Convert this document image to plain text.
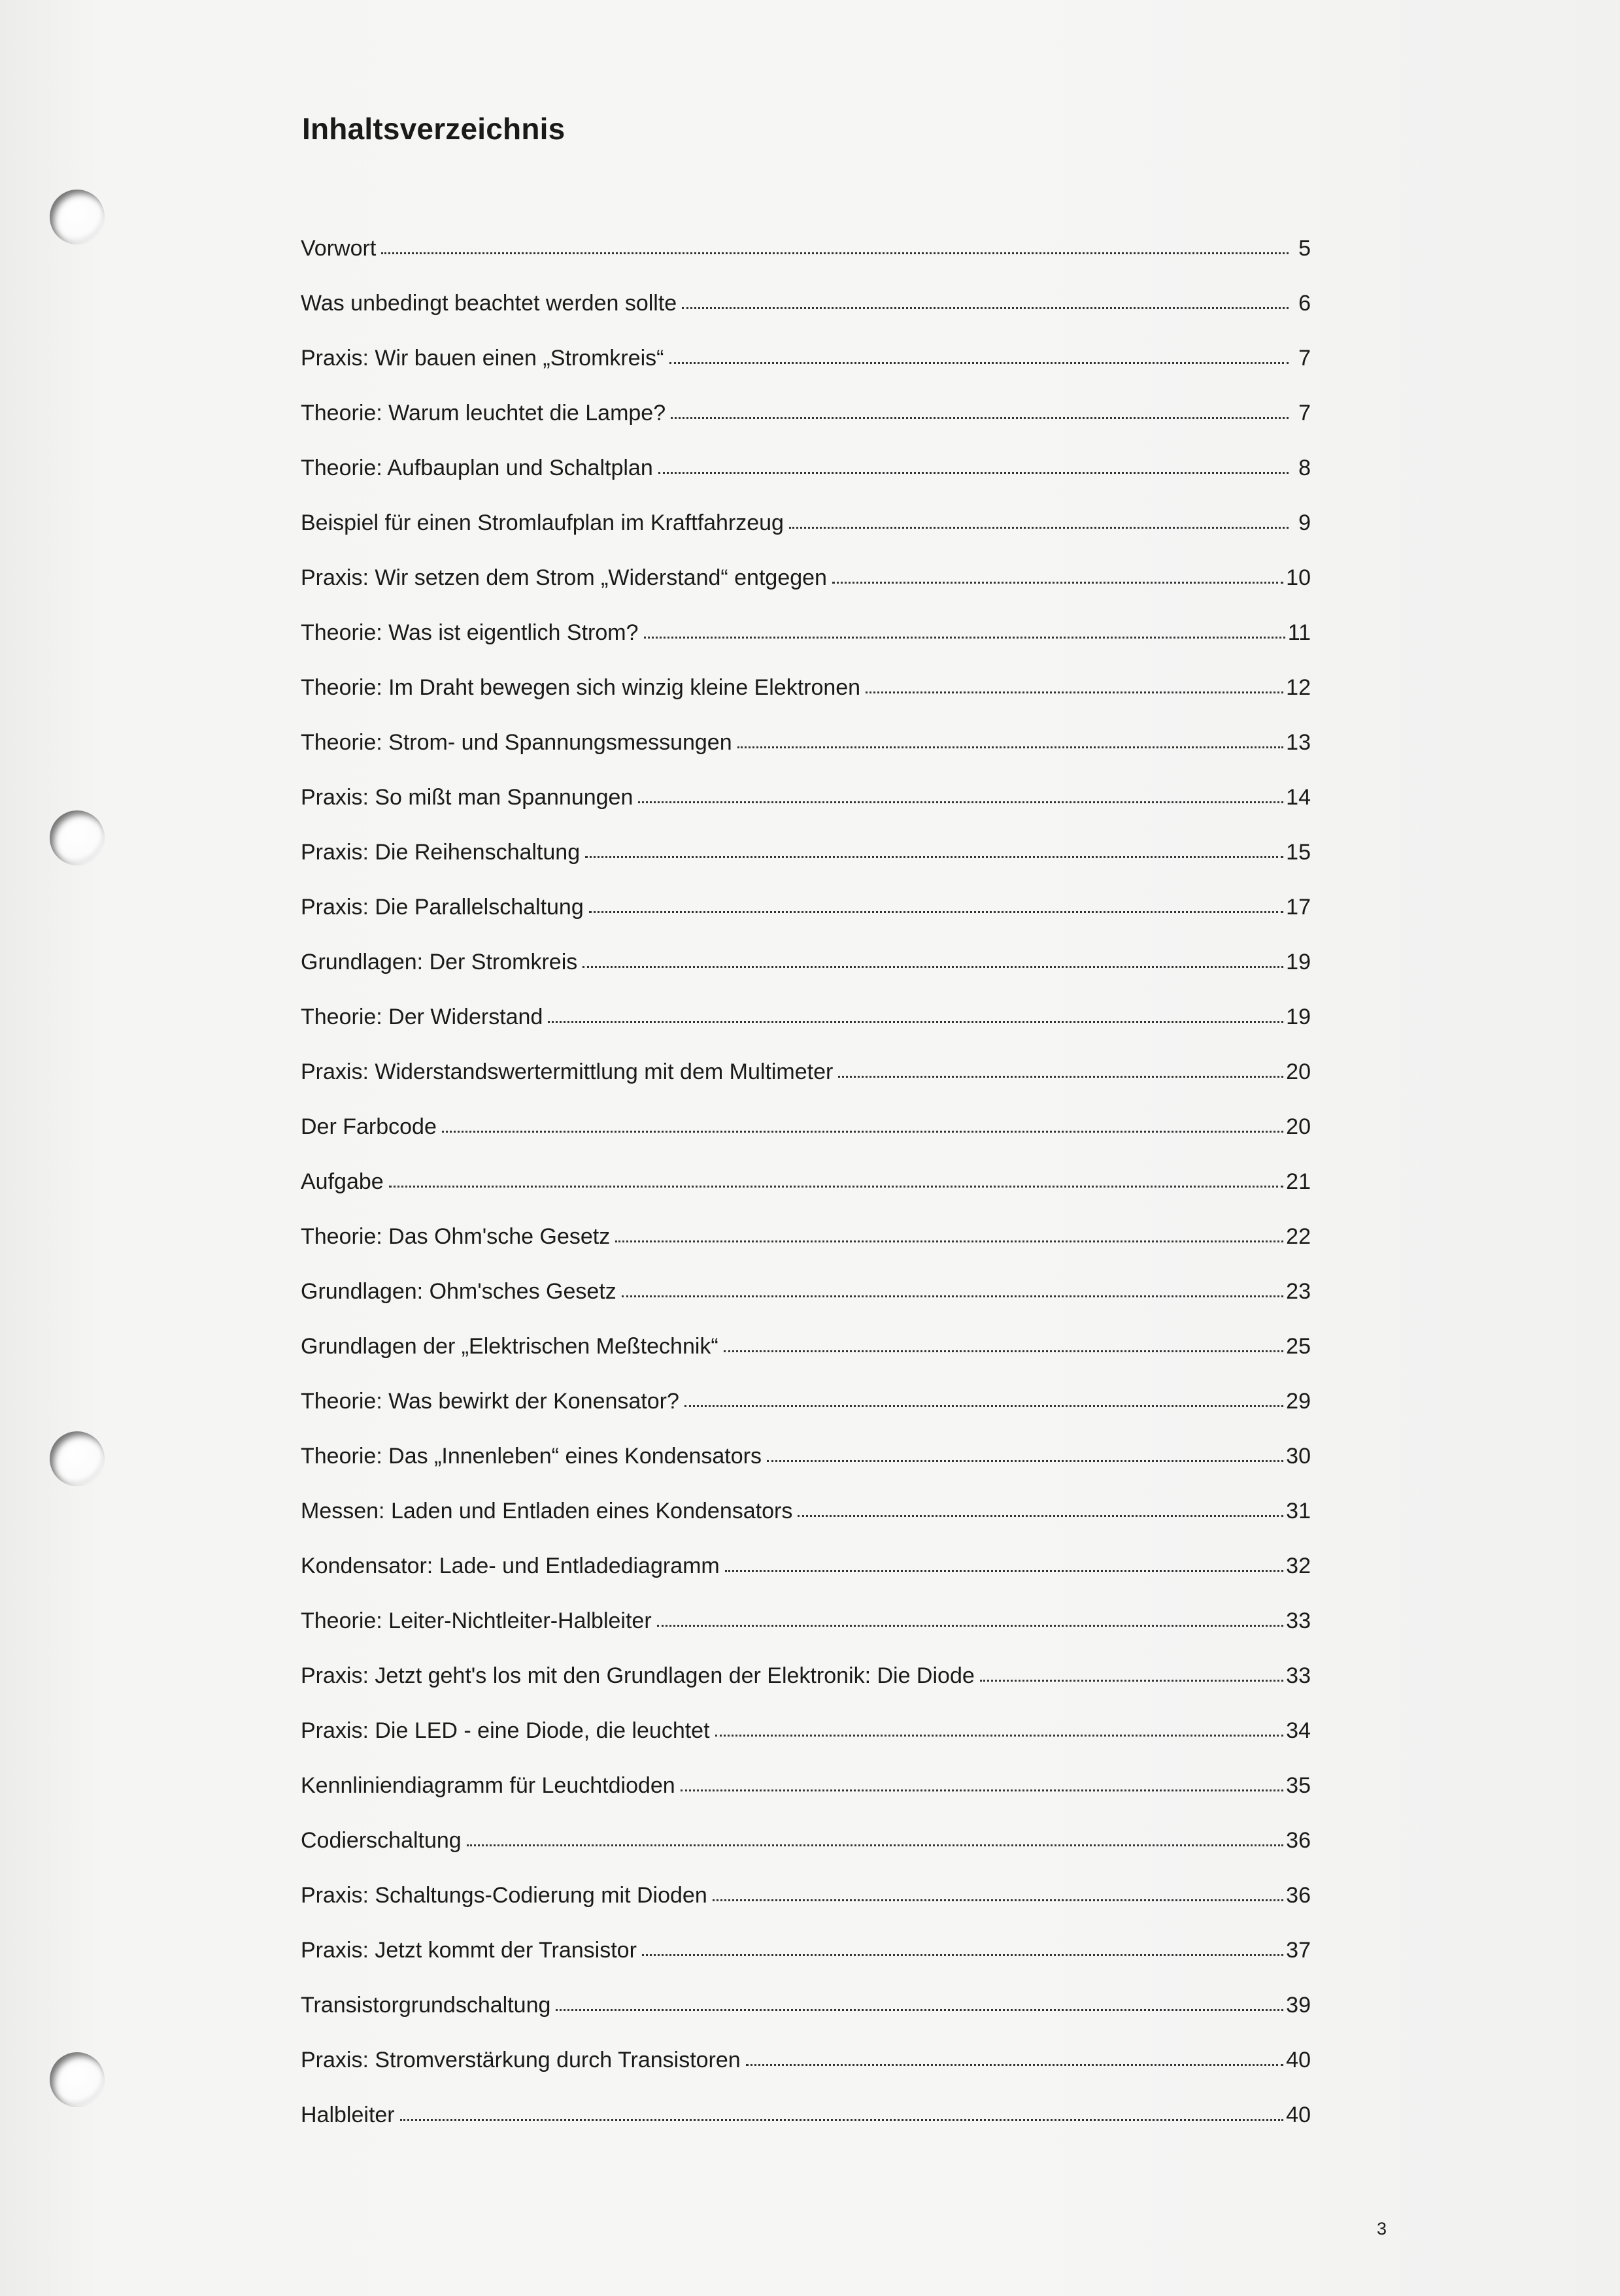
Inhaltsverzeichnis
Vorwort	5
Was unbedingt beachtet werden sollte	6
Praxis: Wir bauen einen „Stromkreis“	7
Theorie: Warum leuchtet die Lampe?	7
Theorie: Aufbauplan und Schaltplan	8
Beispiel für einen Stromlaufplan im Kraftfahrzeug	9
Praxis: Wir setzen dem Strom „Widerstand“ entgegen	10
Theorie: Was ist eigentlich Strom?	11
Theorie: Im Draht bewegen sich winzig kleine Elektronen	12
Theorie: Strom- und Spannungsmessungen	13
Praxis: So mißt man Spannungen	14
Praxis: Die Reihenschaltung	15
Praxis: Die Parallelschaltung	17
Grundlagen: Der Stromkreis	19
Theorie: Der Widerstand	19
Praxis: Widerstandswertermittlung mit dem Multimeter	20
Der Farbcode	20
Aufgabe	21
Theorie: Das Ohm'sche Gesetz	22
Grundlagen: Ohm'sches Gesetz	23
Grundlagen der „Elektrischen Meßtechnik“	25
Theorie: Was bewirkt der Konensator?	29
Theorie: Das „Innenleben“ eines Kondensators	30
Messen: Laden und Entladen eines Kondensators	31
Kondensator: Lade- und Entladediagramm	32
Theorie: Leiter-Nichtleiter-Halbleiter	33
Praxis: Jetzt geht's los mit den Grundlagen der Elektronik: Die Diode	33
Praxis: Die LED - eine Diode, die leuchtet	34
Kennliniendiagramm für Leuchtdioden	35
Codierschaltung	36
Praxis: Schaltungs-Codierung mit Dioden	36
Praxis: Jetzt kommt der Transistor	37
Transistorgrundschaltung	39
Praxis: Stromverstärkung durch Transistoren	40
Halbleiter	40
3
